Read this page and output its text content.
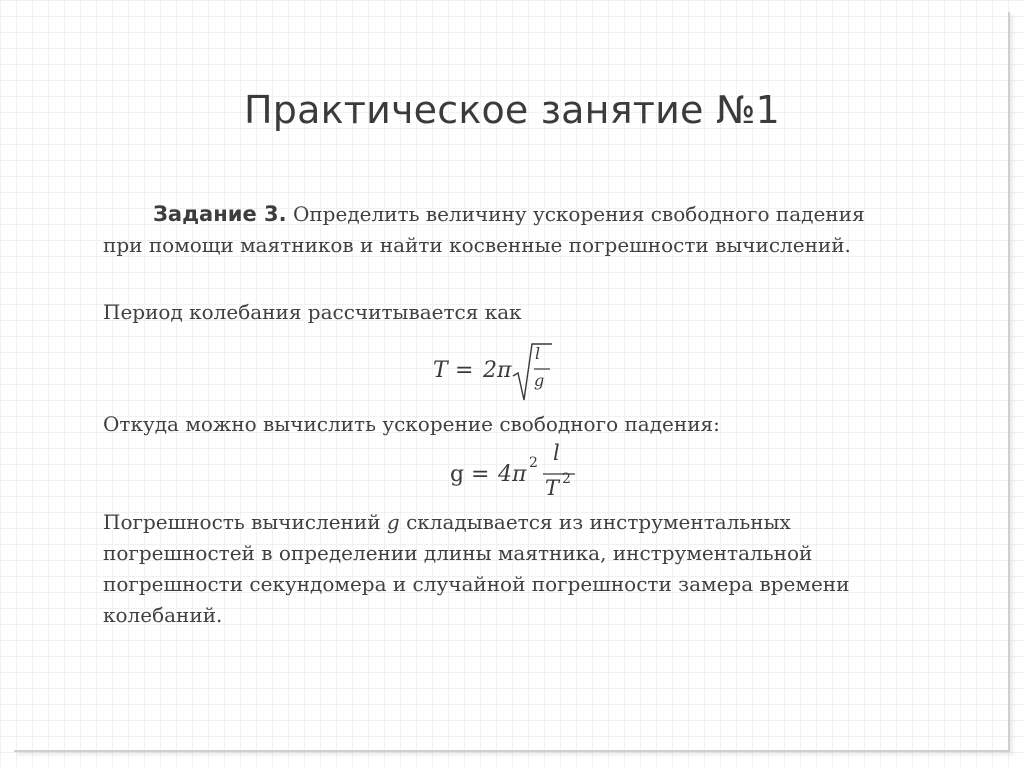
Практическое занятие №1
Задание 3. Определить величину ускорения свободного падения при помощи маятников и найти косвенные погрешности вычислений.
Период колебания рассчитывается как
T = 2π
l
g
Откуда можно вычислить ускорение свободного падения:
g = 4π 2 l
T 2
Погрешность вычислений g складывается из инструментальных погрешностей в определении длины маятника, инструментальной погрешности секундомера и случайной погрешности замера времени колебаний.
